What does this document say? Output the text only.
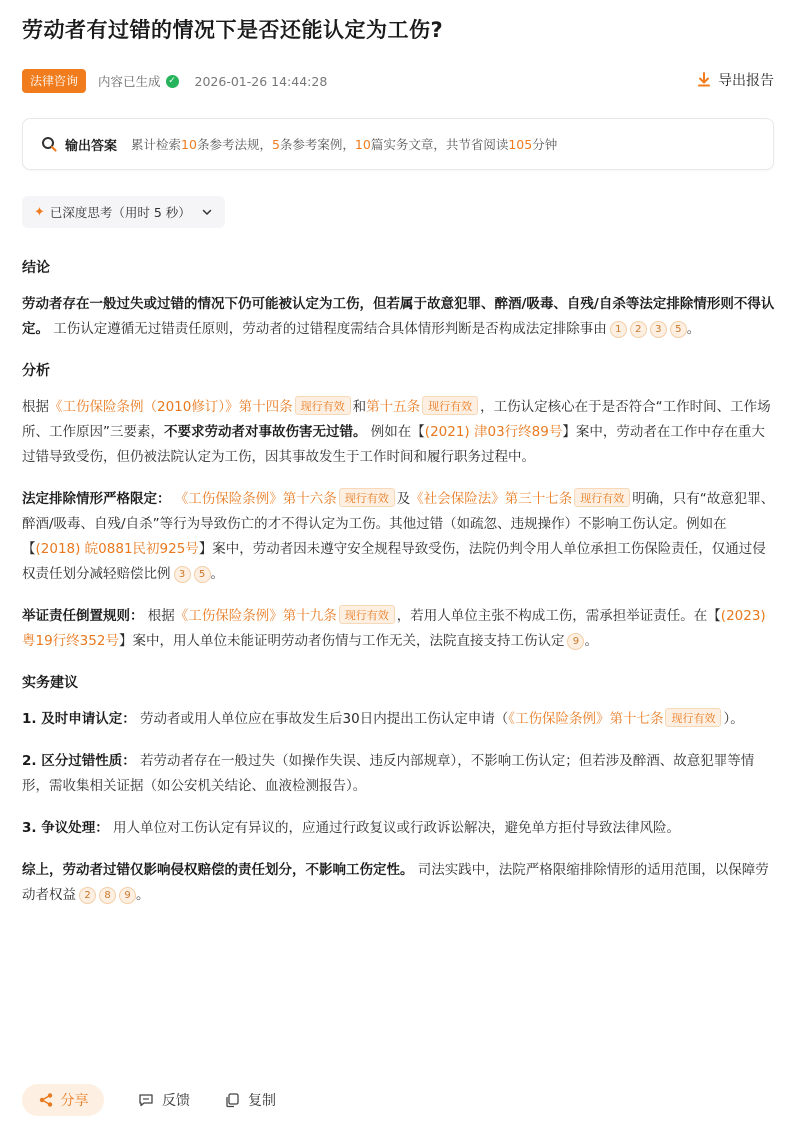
劳动者有过错的情况下是否还能认定为工伤?
法律咨询	内容已生成 ✓ 2026-01-26 14:44:28	导出报告
输出答案 累计检索10条参考法规，5条参考案例，10篇实务文章，共节省阅读105分钟
✦ 已深度思考（用时 5 秒）
结论

劳动者存在一般过失或过错的情况下仍可能被认定为工伤，但若属于故意犯罪、醉酒/吸毒、自残/自杀等法定排除情形则不得认定。 工伤认定遵循无过错责任原则，劳动者的过错程度需结合具体情形判断是否构成法定排除事由 1 2 3 5 。

分析

根据《工伤保险条例（2010修订）》第十四条 现行有效 和第十五条 现行有效 ，工伤认定核心在于是否符合“工作时间、工作场所、工作原因”三要素，不要求劳动者对事故伤害无过错。 例如在【(2021) 津03行终89号】案中，劳动者在工作中存在重大过错导致受伤，但仍被法院认定为工伤，因其事故发生于工作时间和履行职务过程中。

法定排除情形严格限定： 《工伤保险条例》第十六条 现行有效 及《社会保险法》第三十七条 现行有效 明确，只有“故意犯罪、醉酒/吸毒、自残/自杀”等行为导致伤亡的才不得认定为工伤。其他过错（如疏忽、违规操作）不影响工伤认定。例如在【(2018) 皖0881民初925号】案中，劳动者因未遵守安全规程导致受伤，法院仍判令用人单位承担工伤保险责任，仅通过侵权责任划分减轻赔偿比例 3 5 。

举证责任倒置规则： 根据《工伤保险条例》第十九条 现行有效 ，若用人单位主张不构成工伤，需承担举证责任。在【(2023) 粤19行终352号】案中，用人单位未能证明劳动者伤情与工作无关，法院直接支持工伤认定 9 。

实务建议

1. 及时申请认定： 劳动者或用人单位应在事故发生后30日内提出工伤认定申请（《工伤保险条例》第十七条 现行有效 ）。

2. 区分过错性质： 若劳动者存在一般过失（如操作失误、违反内部规章），不影响工伤认定；但若涉及醉酒、故意犯罪等情形，需收集相关证据（如公安机关结论、血液检测报告）。

3. 争议处理： 用人单位对工伤认定有异议的，应通过行政复议或行政诉讼解决，避免单方拒付导致法律风险。

综上，劳动者过错仅影响侵权赔偿的责任划分，不影响工伤定性。 司法实践中，法院严格限缩排除情形的适用范围，以保障劳动者权益 2 8 9 。

分享	反馈	复制
